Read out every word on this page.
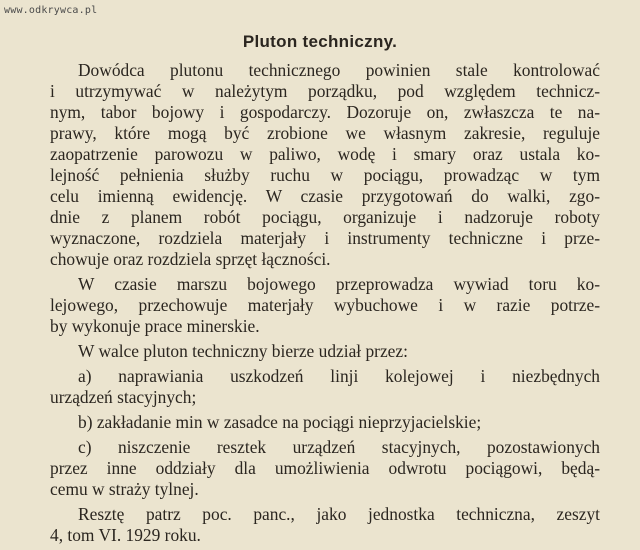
www.odkrywca.pl
Pluton techniczny.
Dowódca plutonu technicznego powinien stale kontrolować
i utrzymywać w należytym porządku, pod względem technicz-
nym, tabor bojowy i gospodarczy. Dozoruje on, zwłaszcza te na-
prawy, które mogą być zrobione we własnym zakresie, reguluje
zaopatrzenie parowozu w paliwo, wodę i smary oraz ustala ko-
lejność pełnienia służby ruchu w pociągu, prowadząc w tym
celu imienną ewidencję. W czasie przygotowań do walki, zgo-
dnie z planem robót pociągu, organizuje i nadzoruje roboty
wyznaczone, rozdziela materjały i instrumenty techniczne i prze-
chowuje oraz rozdziela sprzęt łączności.
W czasie marszu bojowego przeprowadza wywiad toru ko-
lejowego, przechowuje materjały wybuchowe i w razie potrze-
by wykonuje prace minerskie.
W walce pluton techniczny bierze udział przez:
a) naprawiania uszkodzeń linji kolejowej i niezbędnych
urządzeń stacyjnych;
b) zakładanie min w zasadce na pociągi nieprzyjacielskie;
c) niszczenie resztek urządzeń stacyjnych, pozostawionych
przez inne oddziały dla umożliwienia odwrotu pociągowi, będą-
cemu w straży tylnej.
Resztę patrz poc. panc., jako jednostka techniczna, zeszyt
4, tom VI. 1929 roku.
